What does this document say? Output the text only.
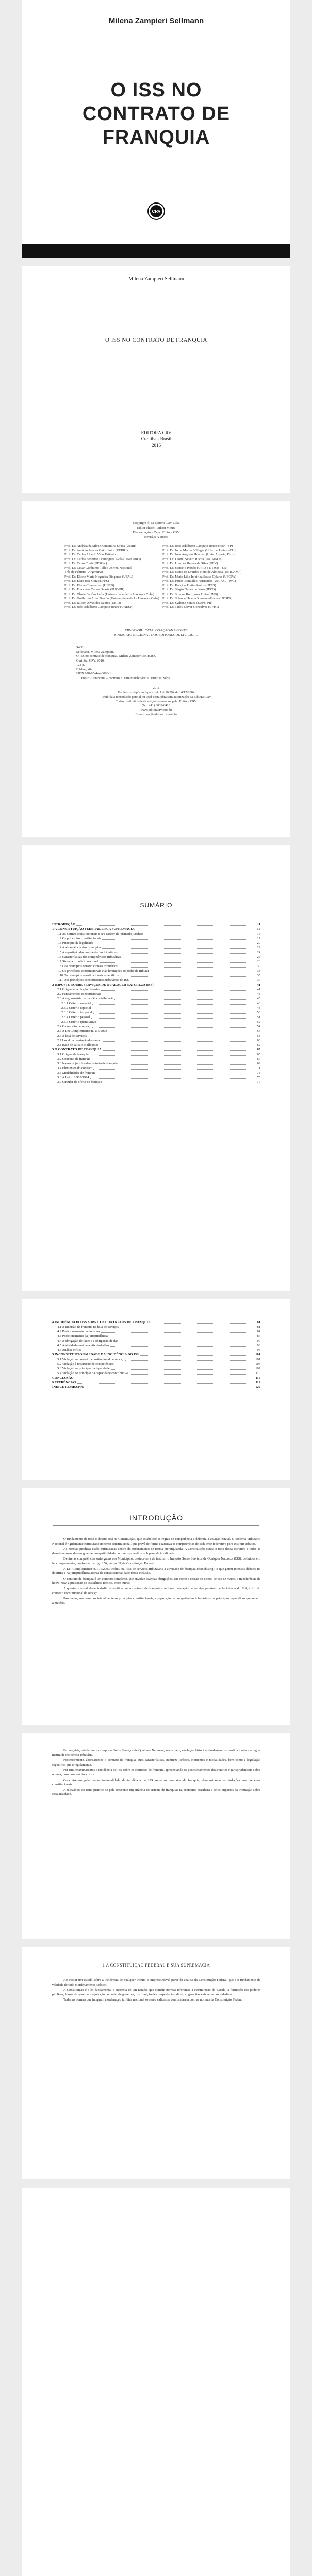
Milena Zampieri Sellmann
O ISS NO
CONTRATO DE
FRANQUIA
CRV
Milena Zampieri Sellmann
O ISS NO CONTRATO DE FRANQUIA
EDITORA CRV
Curitiba - Brasil
2016
Copyright © da Editora CRV Ltda.
Editor-chefe: Railson Moura
Diagramação e Capa: Editora CRV
Revisão: A autora
Prof. Dr. Andréia da Silva Quintanilha Sousa (UNIR)	Prof. Dr. Joao Adalberto Campato Junior (FAP - SP)
Prof. Dr. Antônio Pereira Gaio Júnior (UFRRJ)	Prof. Dr. Jorge Molina Villegas (Univ. de Jovias - CH)
Prof. Dr. Carlos Alberto Vilar Estêvão	Prof. Dr. Juan Augusto Huamán (Univ. Agraria, Peru)
Prof. Dr. Carlos Federico Dominguez Avila (UNIEURO)	Prof. Dr. Leonel Severo Rocha (UNISINOS)
Prof. Dr. Celso Conti (UFSCar)	Prof. Dr. Lourdes Helena da Silva (UFV)
Prof. Dr. Cesar Gerónimo Tello (Univer. Nacional	Prof. Dr. Marcelo Paixão (UFRJ e UTexas - US)
Três de Febrero - Argentina)	Prof. Dr. Maria de Lourdes Pinto de Almeida (UNICAMP)
Prof. Dr. Elione Maria Nogueira Diogenes (UFAL)	Prof. Dr. Maria Lília Imbiriba Sousa Colares (UFOPA)
Prof. Dr. Élsio José Corá (UFFS)	Prof. Dr. Paulo Romualdo Hernandes (UNIFAL - MG)
Prof. Dr. Elizeu Clementino (UNEB)	Prof. Dr. Rodrigo Pratte-Santos (UFES)
Prof. Dr. Francisco Carlos Duarte (PUC-PR)	Prof. Dr. Sérgio Nunes de Jesus (IFRO)
Prof. Dr. Gloria Fariñas León (Universidade de La Havana - Cuba)	Prof. Dr. Simone Rodrigues Pinto (UNB)
Prof. Dr. Guillermo Arias Beatón (Universidade de La Havana - Cuba) Prof. Dr. Solange Helena Ximenes-Rocha (UFOPA)
Prof. Dr. Jailson Alves dos Santos (UFRJ)	Prof. Dr. Sydione Santos (UEPG PR)
Prof. Dr. João Adalberto Campato Junior (UNESP)	Prof. Dr. Tadeu Oliver Gonçalves (UFPA)
CIP-BRASIL. CATALOGAÇÃO-NA-FONTE
SINDICATO NACIONAL DOS EDITORES DE LIVROS, RJ
S468i
Sellmann, Milena Zampieri.
O ISS no contrato de franquia / Milena Zampieri Sellmann. –
Curitiba: CRV, 2016.
128 p.
Bibliografia
ISBN 978-85-444-0000-1
1. Direito 2. Franquia – contrato 3. Direito tributário I. Título II. Série
2016
Foi feito o depósito legal conf. Lei 10.994 de 14/12/2004
Proibida a reprodução parcial ou total desta obra sem autorização da Editora CRV
Todos os direitos desta edição reservados pela: Editora CRV
Tel.: (41) 3039-6418
www.editoracrv.com.br
E-mail: sac@editoracrv.com.br
SUMÁRIO
INTRODUÇÃO	11
1 A CONSTITUIÇÃO FEDERAL E SUA SUPREMACIA	15
1.1 As normas constitucionais e seu caráter de 'primado jurídico'	15
1.2 Os princípios constitucionais	17
1.3 Princípio da legalidade	20
1.4 A abrangência dos princípios	22
1.5 A repartição das competências tributárias	24
1.6 Características das competências tributárias	26
1.7 Sistema tributário nacional	28
1.8 Dos princípios constitucionais tributários	30
1.9 Os princípios constitucionais e as limitações ao poder de tributar	33
1.10 Os princípios constitucionais específicos	35
1.11 Dos princípios constitucionais tributários do ISS	37
2 IMPOSTO SOBRE SERVIÇOS DE QUALQUER NATUREZA (ISS)	41
2.1 Origem e evolução histórica	41
2.2 Fundamentos constitucionais	43
2.3 A regra-matriz de incidência tributária	45
2.3.1 Critério material	46
2.3.2 Critério espacial	48
2.3.3 Critério temporal	50
2.3.4 Critério pessoal	51
2.3.5 Critério quantitativo	52
2.4 O conceito de serviço	54
2.5 A Lei Complementar n. 116/2003	56
2.6 A lista de serviços	58
2.7 Local da prestação do serviço	60
2.8 Base de cálculo e alíquotas	62
3 O CONTRATO DE FRANQUIA	65
3.1 Origem da franquia	65
3.2 Conceito de franquia	67
3.3 Natureza jurídica do contrato de franquia	69
3.4 Elementos do contrato	71
3.5 Modalidades de franquia	73
3.6 A Lei n. 8.955/1994	75
3.7 Circular de oferta de franquia	77
4 INCIDÊNCIA DO ISS SOBRE OS CONTRATOS DE FRANQUIA	81
4.1 A inclusão da franquia na lista de serviços	81
4.2 Posicionamento da doutrina	84
4.3 Posicionamento da jurisprudência	87
4.4 A obrigação de fazer e a obrigação de dar	90
4.5 A atividade-meio e a atividade-fim	93
4.6 Análise crítica	96
5 INCONSTITUCIONALIDADE DA INCIDÊNCIA DO ISS	101
5.1 Violação ao conceito constitucional de serviço	101
5.2 Violação à repartição de competências	104
5.3 Violação ao princípio da legalidade	107
5.4 Violação ao princípio da capacidade contributiva	110
CONCLUSÃO	115
REFERÊNCIAS	119
ÍNDICE REMISSIVO	125
INTRODUÇÃO

O fundamento de todo o direito está na Constituição, que estabelece as regras de competência e delimita a atuação estatal. O Sistema Tributário Nacional é rigidamente estruturado no texto constitucional, que prevê de forma exaustiva as competências de cada ente federativo para instituir tributos.

As normas jurídicas estão estruturadas dentro do ordenamento de forma hierarquizada. A Constituição ocupa o topo dessa estrutura e todas as demais normas devem guardar compatibilidade com seus preceitos, sob pena de invalidade.

Dentre as competências outorgadas aos Municípios, destaca-se a de instituir o Imposto Sobre Serviços de Qualquer Natureza (ISS), definidos em lei complementar, conforme o artigo 156, inciso III, da Constituição Federal.

A Lei Complementar n. 116/2003 incluiu na lista de serviços tributáveis a atividade de franquia (franchising), o que gerou intensos debates na doutrina e na jurisprudência acerca da constitucionalidade dessa inclusão.

O contrato de franquia é um contrato complexo, que envolve diversas obrigações, tais como a cessão do direito de uso de marca, a transferência de know-how, a prestação de assistência técnica, entre outras.

A questão central deste trabalho é verificar se o contrato de franquia configura prestação de serviço passível de incidência do ISS, à luz do conceito constitucional de serviço.

Para tanto, analisaremos inicialmente os princípios constitucionais, a repartição de competências tributárias e os princípios específicos que regem a matéria.

Em seguida, estudaremos o Imposto Sobre Serviços de Qualquer Natureza, sua origem, evolução histórica, fundamentos constitucionais e a regra-matriz de incidência tributária.

Posteriormente, abordaremos o contrato de franquia, suas características, natureza jurídica, elementos e modalidades, bem como a legislação específica que o regulamenta.

Por fim, examinaremos a incidência do ISS sobre os contratos de franquia, apresentando os posicionamentos doutrinários e jurisprudenciais sobre o tema, com uma análise crítica.

Concluiremos pela inconstitucionalidade da incidência do ISS sobre os contratos de franquia, demonstrando as violações aos preceitos constitucionais.

A relevância do tema justifica-se pela crescente importância do sistema de franquias na economia brasileira e pelos impactos da tributação sobre essa atividade.

1 A CONSTITUIÇÃO FEDERAL E SUA SUPREMACIA

Ao iniciar um estudo sobre a incidência de qualquer tributo, é imprescindível partir da análise da Constituição Federal, que é o fundamento de validade de todo o ordenamento jurídico.

A Constituição é a lei fundamental e suprema de um Estado, que contém normas referentes à estruturação do Estado, à formação dos poderes públicos, forma de governo e aquisição do poder de governar, distribuição de competências, direitos, garantias e deveres dos cidadãos.

Todas as normas que integram a ordenação jurídica nacional só serão válidas se conformarem com as normas da Constituição Federal.
